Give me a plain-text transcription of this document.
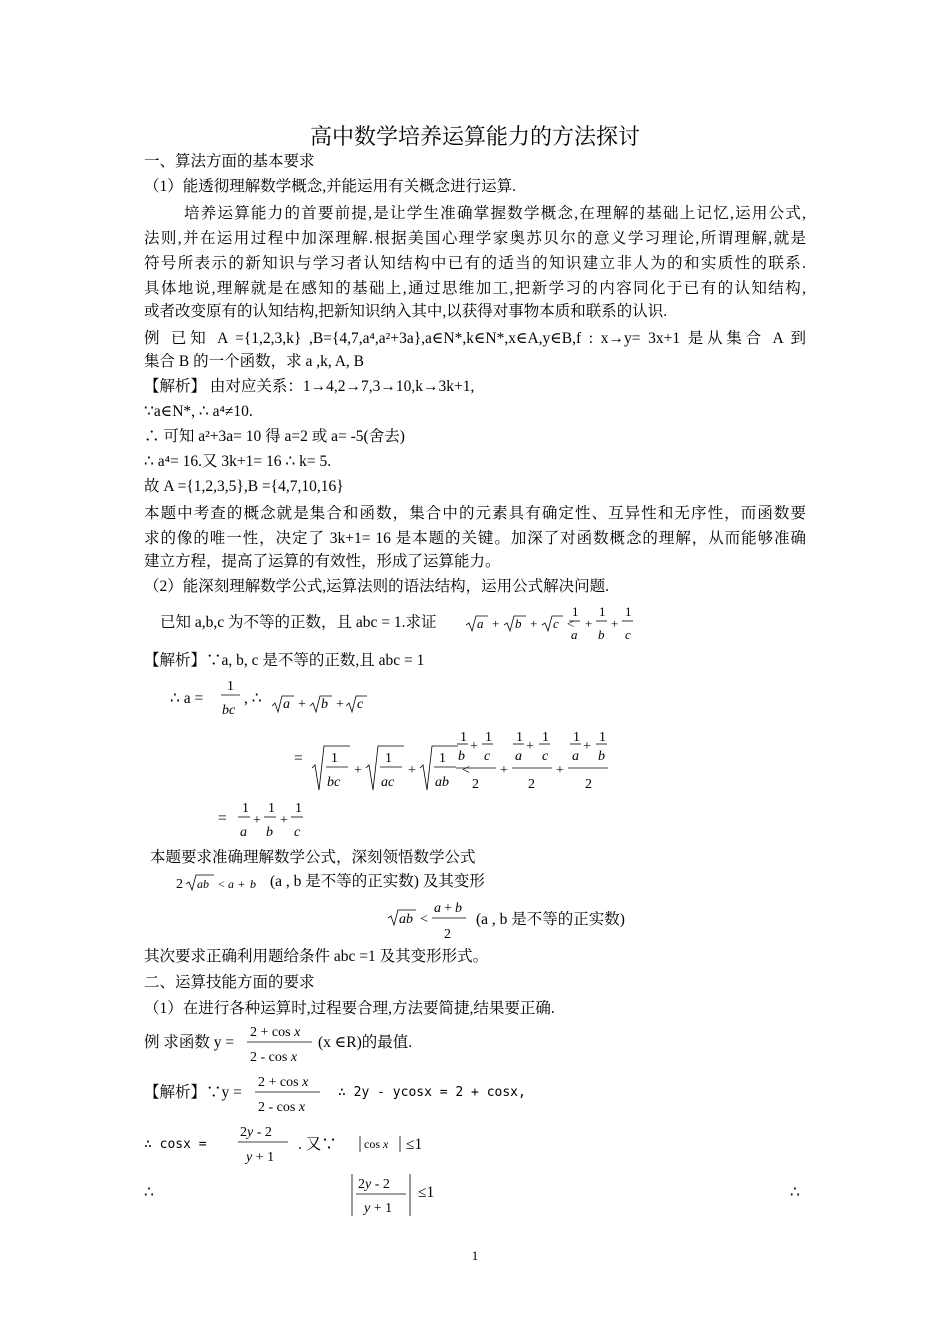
高中数学培养运算能力的方法探讨
一、算法方面的基本要求
（1）能透彻理解数学概念,并能运用有关概念进行运算.
培养运算能力的首要前提,是让学生准确掌握数学概念,在理解的基础上记忆,运用公式,
法则,并在运用过程中加深理解.根据美国心理学家奥苏贝尔的意义学习理论,所谓理解,就是
符号所表示的新知识与学习者认知结构中已有的适当的知识建立非人为的和实质性的联系.
具体地说,理解就是在感知的基础上,通过思维加工,把新学习的内容同化于已有的认知结构,
或者改变原有的认知结构,把新知识纳入其中,以获得对事物本质和联系的认识.
例 已知 A ={1,2,3,k} ,B={4,7,a⁴,a²+3a},a∈N*,k∈N*,x∈A,y∈B,f : x→y= 3x+1 是从集合 A 到
集合 B 的一个函数，求 a ,k, A, B
【解析】 由对应关系：1→4,2→7,3→10,k→3k+1,
∵a∈N*, ∴ a⁴≠10.
∴ 可知 a²+3a= 10 得 a=2 或 a= -5(舍去)
∴ a⁴= 16.又 3k+1= 16 ∴ k= 5.
故 A ={1,2,3,5},B ={4,7,10,16}
本题中考查的概念就是集合和函数，集合中的元素具有确定性、互异性和无序性，而函数要
求的像的唯一性，决定了 3k+1= 16 是本题的关键。加深了对函数概念的理解，从而能够准确
建立方程，提高了运算的有效性，形成了运算能力。
（2）能深刻理解数学公式,运算法则的语法结构，运用公式解决问题.
已知 a,b,c 为不等的正数，且 abc = 1.求证	a + b + c <
1
a
+
1
b
+
1
c
【解析】∵a, b, c 是不等的正数,且 abc = 1
∴ a =
1
bc	a + b + c
, ∴
= 1
bc
+
1
ac
+
1
ab
<
1
b
+
1
c
2
+
1
a
+
1
c
2
+
1
a
+
1
b
2
=
1
a
+
1
b
+
1
c
本题要求准确理解数学公式，深刻领悟数学公式
2 ab < a + b (a , b 是不等的正实数) 及其变形
ab <
a + b
2
(a , b 是不等的正实数)
其次要求正确利用题给条件 abc =1 及其变形形式。
二、运算技能方面的要求
（1）在进行各种运算时,过程要合理,方法要简捷,结果要正确.
例 求函数 y =
2 + cos x
2 - cos x
(x ∈R)的最值.
【解析】∵y =
2 + cos x
2 - cos x
∴ 2y - ycosx = 2 + cosx,
∴ cosx =
2y - 2
y + 1
. 又∵ cos x ≤1
∴	2y - 2
y + 1
≤1	∴
1
